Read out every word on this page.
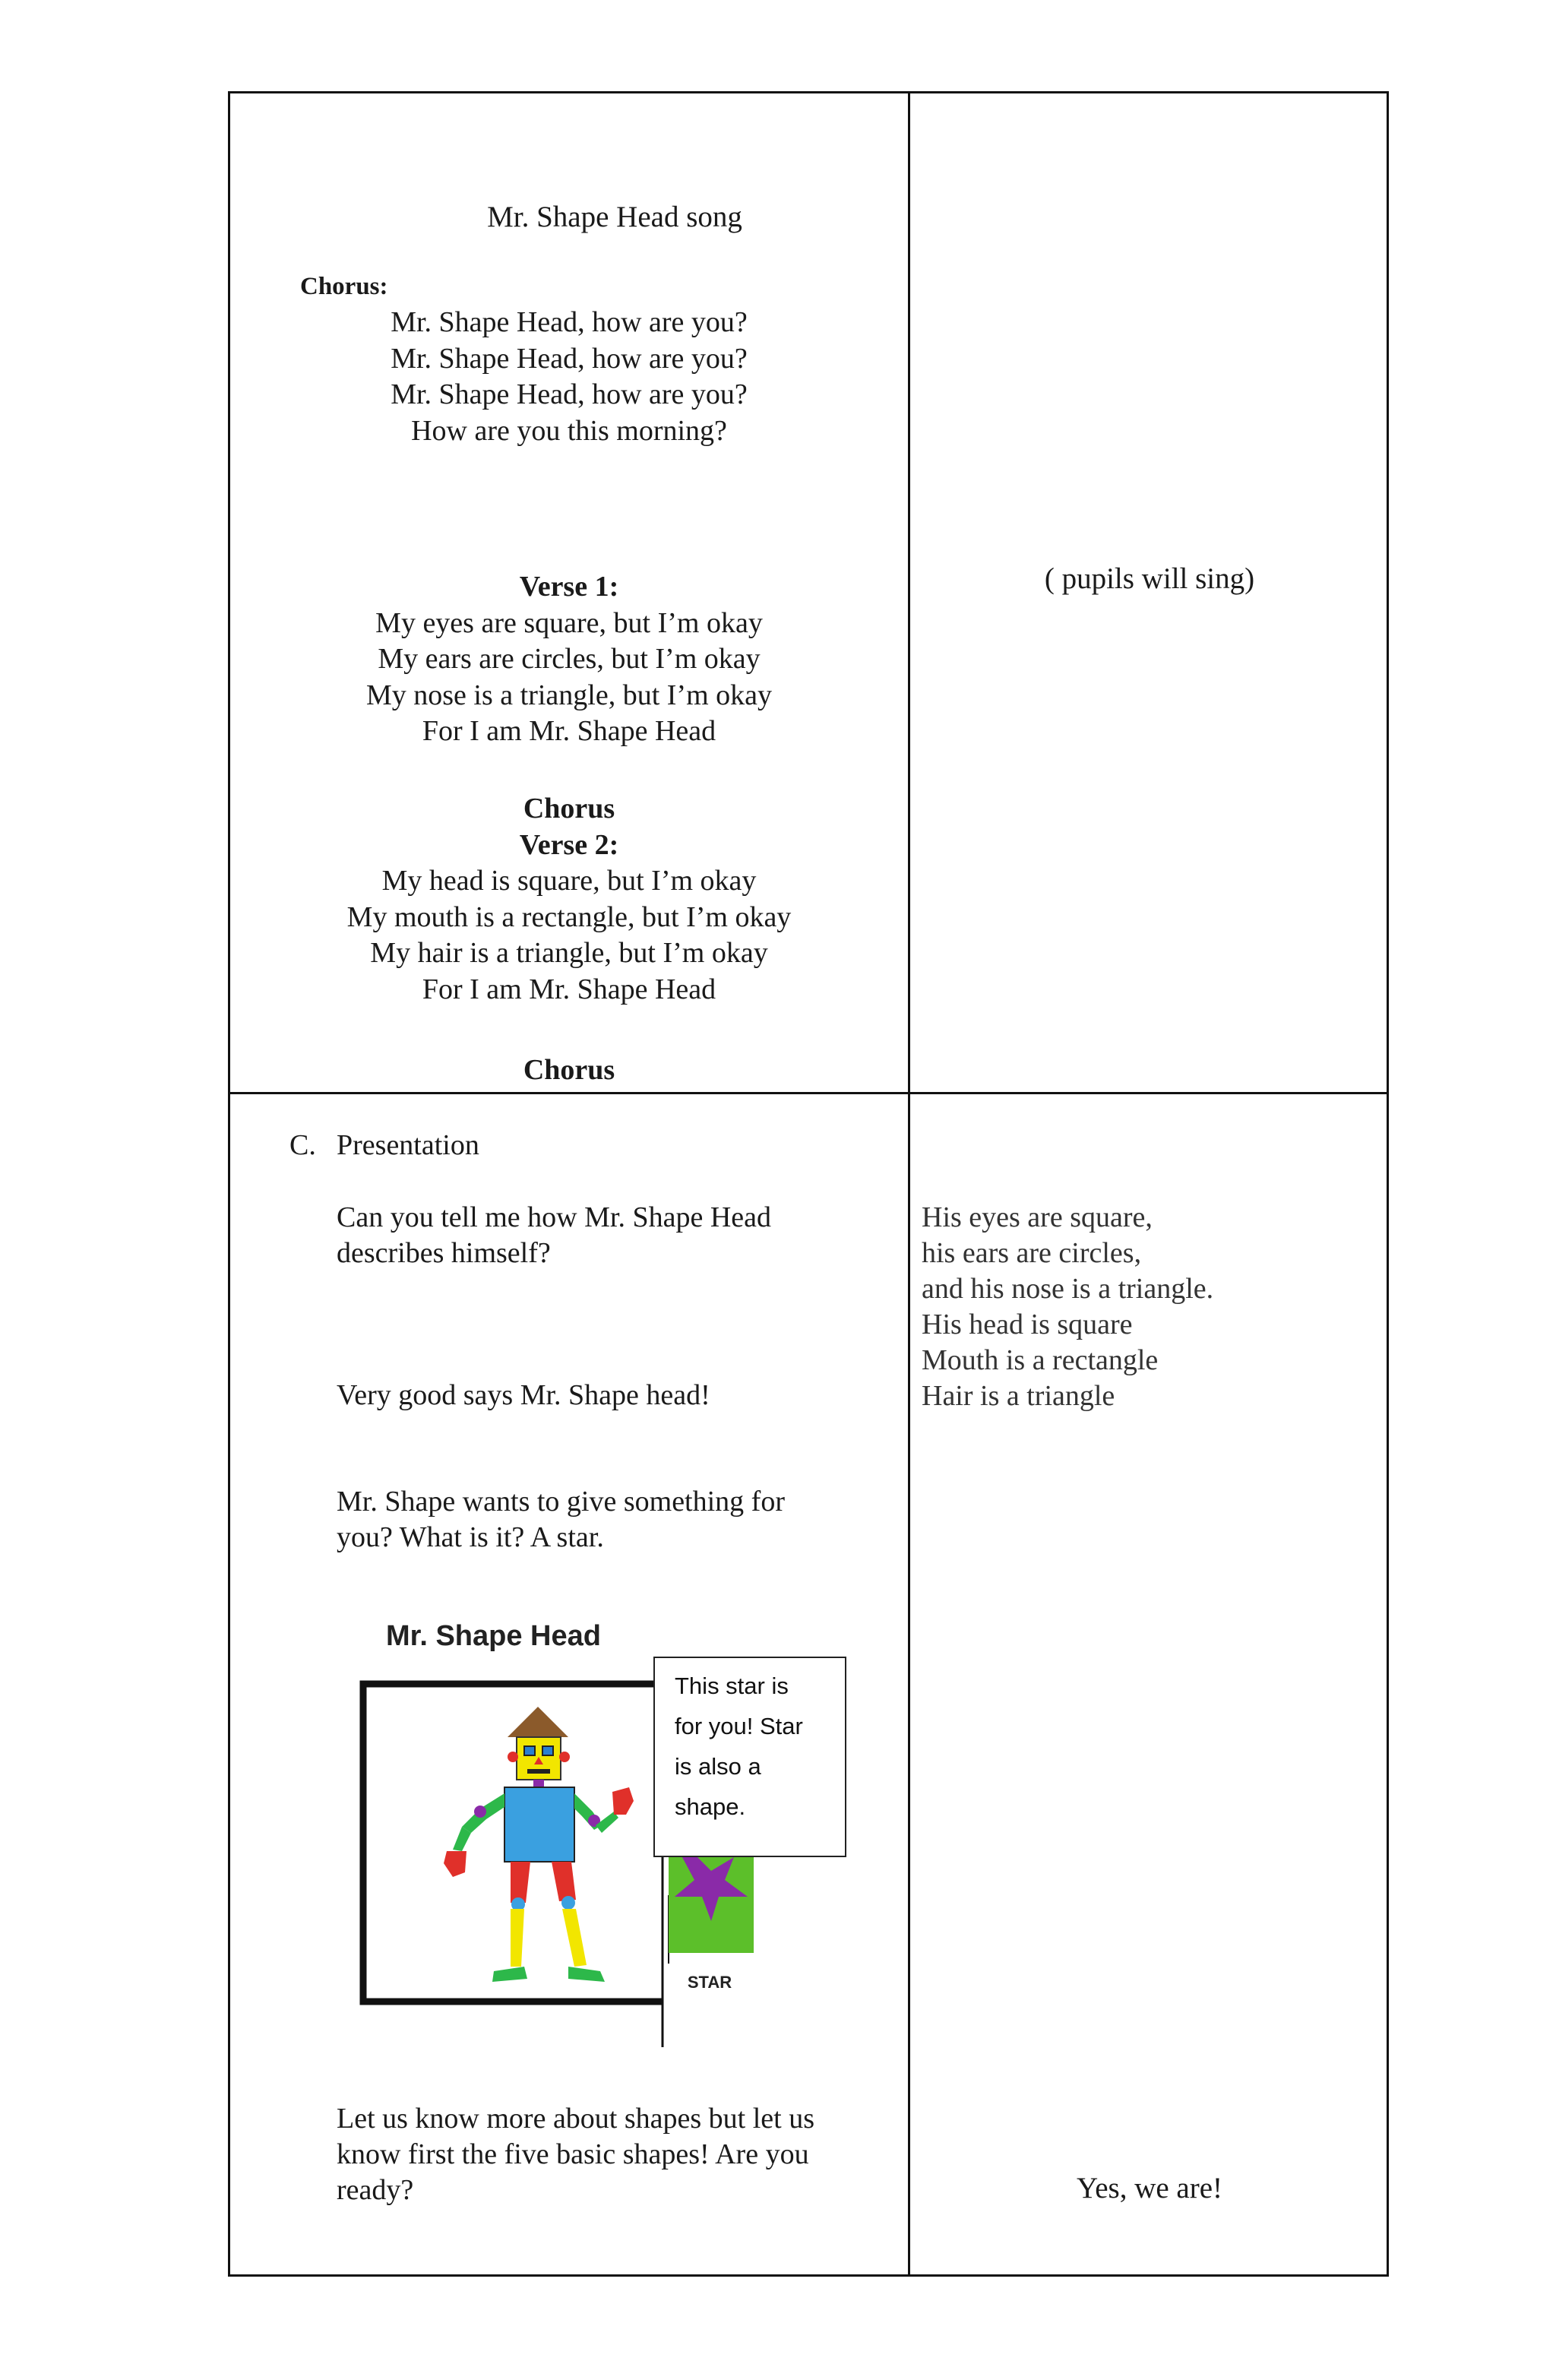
Mr. Shape Head song
Chorus:
Mr. Shape Head, how are you?
Mr. Shape Head, how are you?
Mr. Shape Head, how are you?
How are you this morning?
Verse 1:
My eyes are square, but I’m okay
My ears are circles, but I’m okay
My nose is a triangle, but I’m okay
For I am Mr. Shape Head
Chorus
Verse 2:
My head is square, but I’m okay
My mouth is a rectangle, but I’m okay
My hair is a triangle, but I’m okay
For I am Mr. Shape Head
Chorus
( pupils will sing)
C. Presentation
Can you tell me how Mr. Shape Head
describes himself?
Very good says Mr. Shape head!
Mr. Shape wants to give something for
you? What is it? A star.
Let us know more about shapes but let us
know first the five basic shapes! Are you
ready?
His eyes are square,
his ears are circles,
and his nose is a triangle.
His head is square
Mouth is a rectangle
Hair is a triangle
Yes, we are!
STAR
Mr. Shape Head
This star is
for you! Star
is also a
shape.
